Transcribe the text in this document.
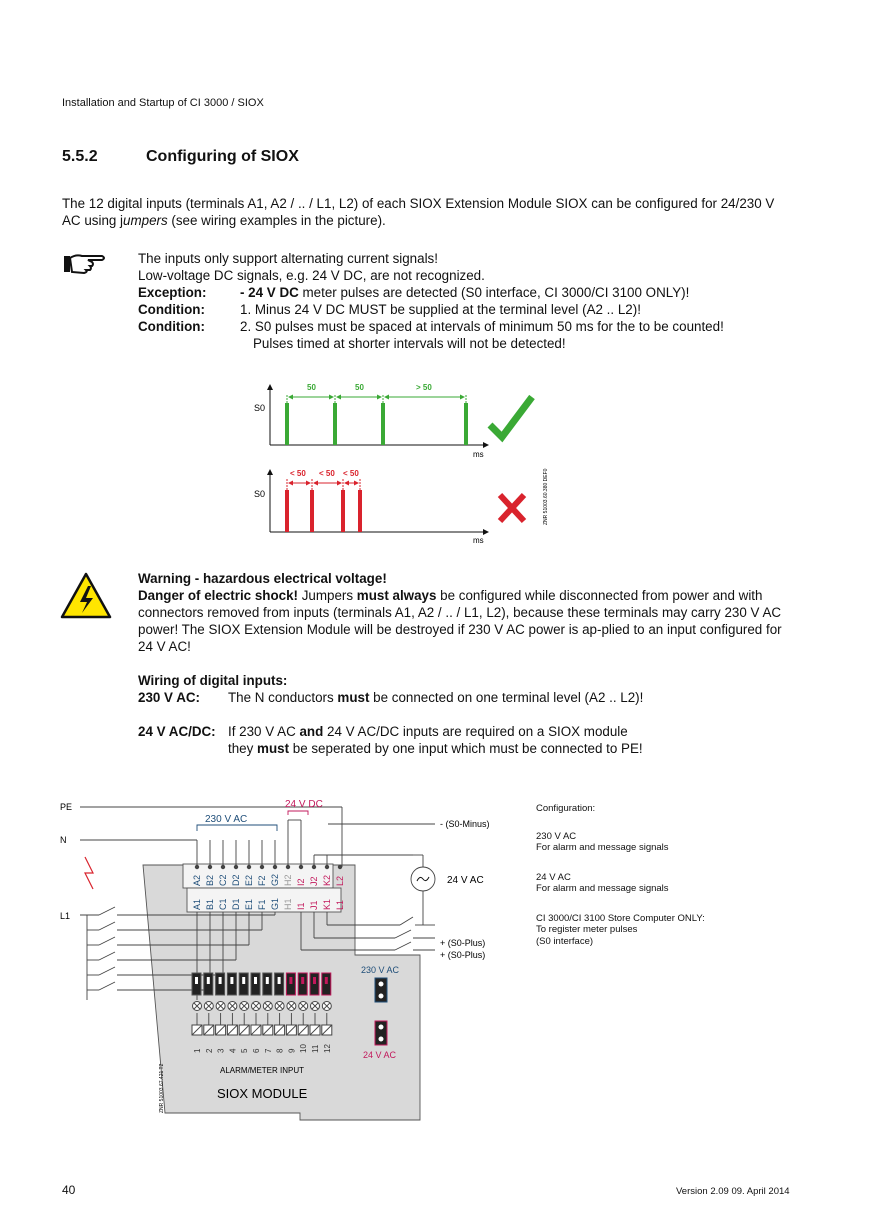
Installation and Startup of CI 3000 / SIOX
5.5.2	Configuring of SIOX
The 12 digital inputs (terminals A1, A2 / .. / L1, L2) of each SIOX Extension Module SIOX can be configured for 24/230 V AC using jumpers (see wiring examples in the picture).
The inputs only support alternating current signals!
Low-voltage DC signals, e.g. 24 V DC, are not recognized.
Exception:	- 24 V DC meter pulses are detected (S0 interface, CI 3000/CI 3100 ONLY)!
Condition:	1. Minus 24 V DC MUST be supplied at the terminal level (A2 .. L2)!
Condition:	2. S0 pulses must be spaced at intervals of minimum 50 ms for the to be counted!
Pulses timed at shorter intervals will not be detected!
S0
ms
50	50	> 50
S0
ms
< 50 < 50 < 50	ZNR 51003.60.380 DEF0
Warning - hazardous electrical voltage!
Danger of electric shock! Jumpers must always be configured while disconnected from power and with connectors removed from inputs (terminals A1, A2 / .. / L1, L2), because these terminals may carry 230 V AC power! The SIOX Extension Module will be destroyed if 230 V AC power is ap-plied to an input configured for 24 V AC!
Wiring of digital inputs:
230 V AC:	The N conductors must be connected on one terminal level (A2 .. L2)!
24 V AC/DC: If 230 V AC and 24 V AC/DC inputs are required on a SIOX module
they must be seperated by one input which must be connected to PE!
PE
N
L1
230 V AC
24 V DC
- (S0-Minus)
24 V AC
+ (S0-Plus)
+ (S0-Plus)
A2 B2 C2 D2 E2 F2 G2 H2 I2 J2 K2 L2
A1 B1 C1 D1 E1 F1 G1 H1 I1 J1 K1 L1
1 2 3 4 5 6 7 8 9 10 11 12
230 V AC
24 V AC
ALARM/METER INPUT
SIOX MODULE
ZNR 51003.67.421 T2
Configuration:
230 V AC
For alarm and message signals
24 V AC
For alarm and message signals
CI 3000/CI 3100 Store Computer ONLY:
To register meter pulses
(S0 interface)
40	Version 2.09 09. April 2014
